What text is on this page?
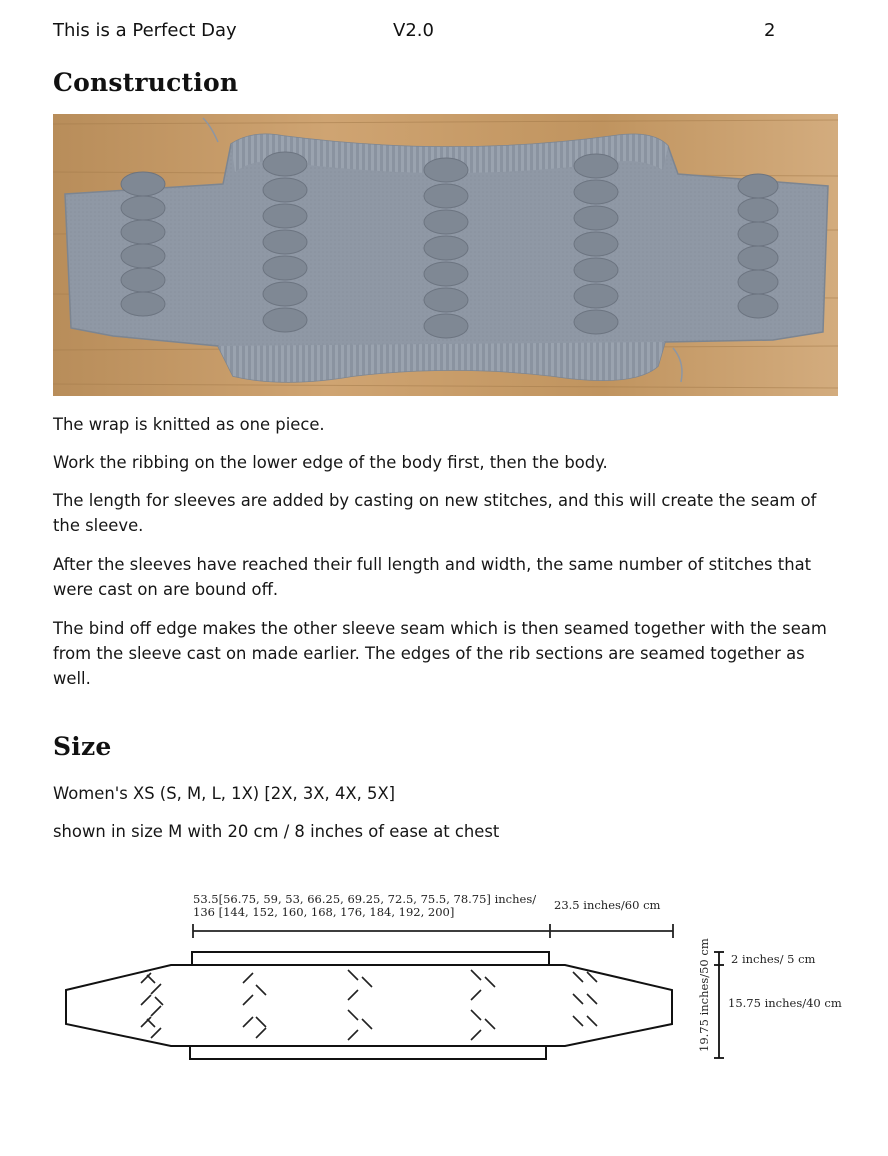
This is a Perfect Day	V2.0	2
Construction

The wrap is knitted as one piece.

Work the ribbing on the lower edge of the body first, then the body.

The length for sleeves are added by casting on new stitches, and this will create the seam of the sleeve.

After the sleeves have reached their full length and width, the same number of stitches that were cast on are bound off.

The bind off edge makes the other sleeve seam which is then seamed together with the seam from the sleeve cast on made earlier. The edges of the rib sections are seamed together as well.

Size

Women's XS (S, M, L, 1X) [2X, 3X, 4X, 5X]

shown in size M with 20 cm / 8 inches of ease at chest

53.5[56.75, 59, 53, 66.25, 69.25, 72.5, 75.5, 78.75] inches/
136 [144, 152, 160, 168, 176, 184, 192, 200]	23.5 inches/60 cm
19.75 inches/50 cm 2 inches/ 5 cm
15.75 inches/40 cm
